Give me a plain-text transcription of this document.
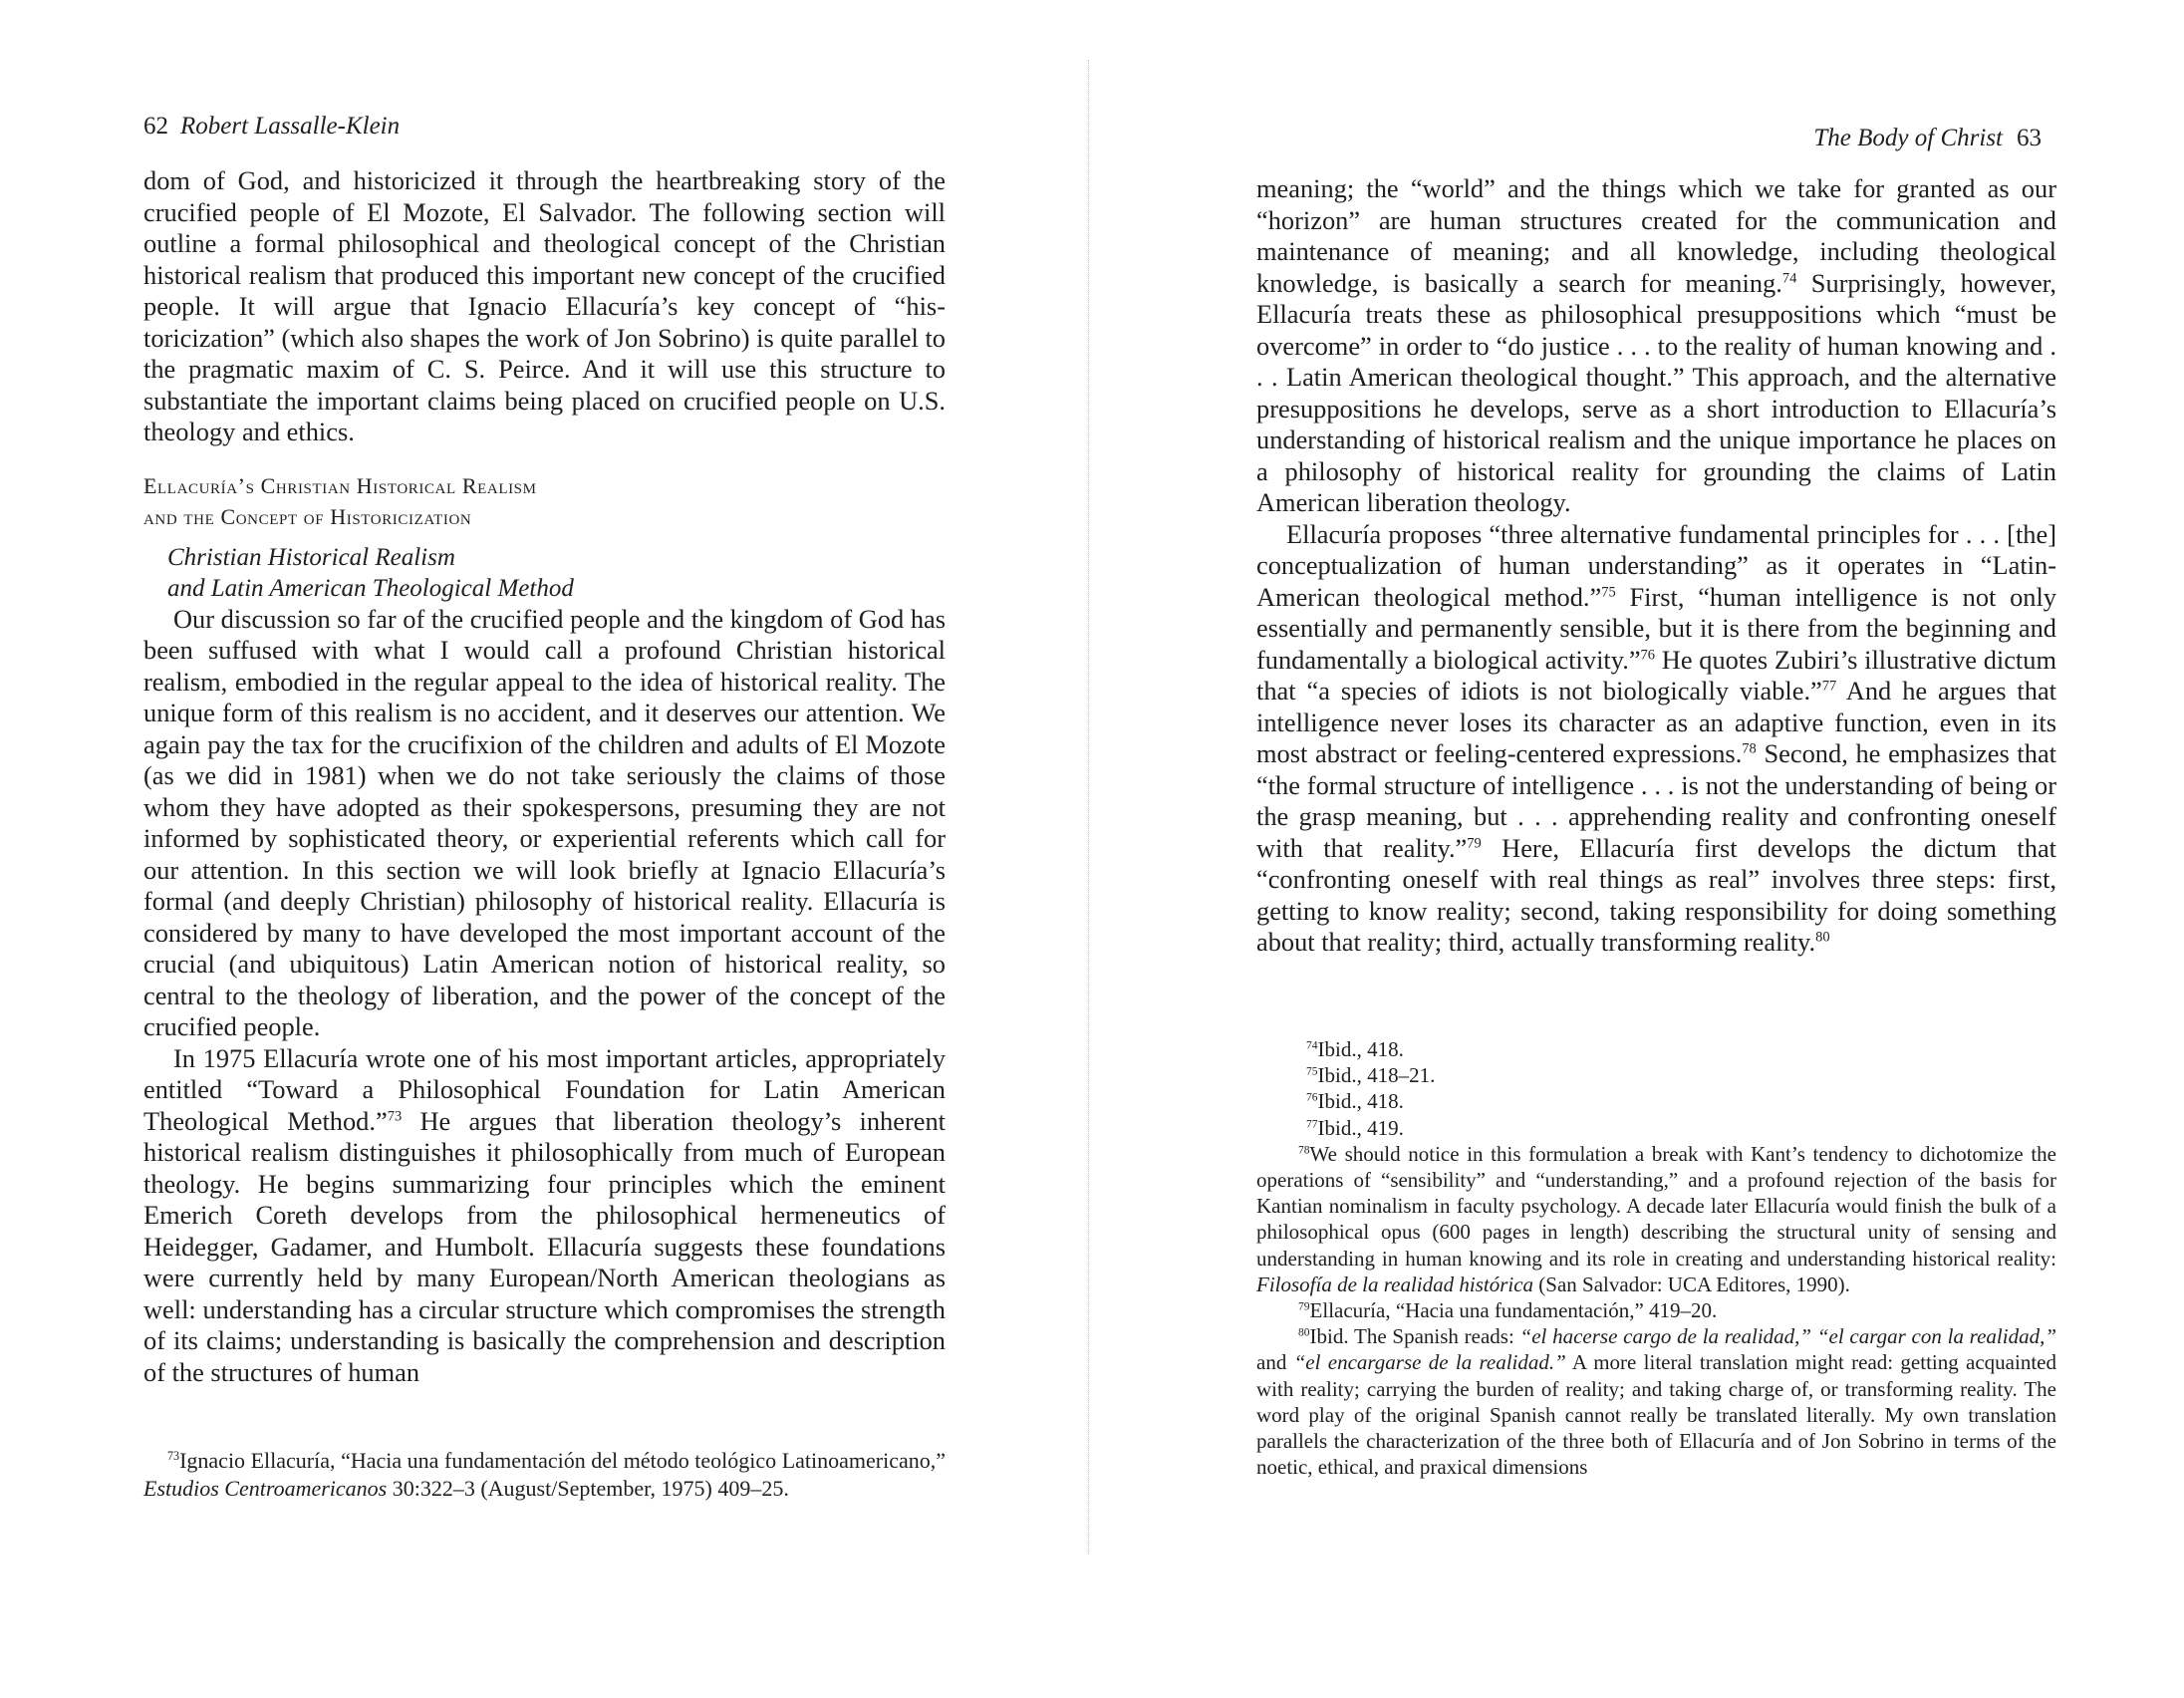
62 Robert Lassalle-Klein

dom of God, and historicized it through the heartbreaking story of the crucified people of El Mozote, El Salvador. The following section will outline a formal philosophical and theological concept of the Christian historical realism that produced this important new concept of the crucified people. It will argue that Ignacio Ellacuría’s key concept of “historicization” (which also shapes the work of Jon Sobrino) is quite parallel to the pragmatic maxim of C. S. Peirce. And it will use this structure to substantiate the important claims being placed on crucified people on U.S. theology and ethics.

Ellacuría’s Christian Historical Realism
and the Concept of Historicization
Christian Historical Realism
and Latin American Theological Method

Our discussion so far of the crucified people and the kingdom of God has been suffused with what I would call a profound Christian historical realism, embodied in the regular appeal to the idea of historical reality. The unique form of this realism is no accident, and it deserves our attention. We again pay the tax for the crucifixion of the children and adults of El Mozote (as we did in 1981) when we do not take seriously the claims of those whom they have adopted as their spokespersons, presuming they are not informed by sophisticated theory, or experiential referents which call for our attention. In this section we will look briefly at Ignacio Ellacuría’s formal (and deeply Christian) philosophy of historical reality. Ellacuría is considered by many to have developed the most important account of the crucial (and ubiquitous) Latin American notion of historical reality, so central to the theology of liberation, and the power of the concept of the crucified people.

In 1975 Ellacuría wrote one of his most important articles, appropriately entitled “Toward a Philosophical Foundation for Latin American Theological Method.”$^{73}$ He argues that liberation theology’s inherent historical realism distinguishes it philosophically from much of European theology. He begins summarizing four principles which the eminent Emerich Coreth develops from the philosophical hermeneutics of Heidegger, Gadamer, and Humbolt. Ellacuría suggests these foundations were currently held by many European/North American theologians as well: understanding has a circular structure which compromises the strength of its claims; understanding is basically the comprehension and description of the structures of human

$^{73}$Ignacio Ellacuría, “Hacia una fundamentación del método teológico Latinoamericano,” Estudios Centroamericanos 30:322–3 (August/September, 1975) 409–25.

The Body of Christ 63

meaning; the “world” and the things which we take for granted as our “horizon” are human structures created for the communication and maintenance of meaning; and all knowledge, including theological knowledge, is basically a search for meaning.$^{74}$ Surprisingly, however, Ellacuría treats these as philosophical presuppositions which “must be overcome” in order to “do justice . . . to the reality of human knowing and . . . Latin American theological thought.” This approach, and the alternative presuppositions he develops, serve as a short introduction to Ellacuría’s understanding of historical realism and the unique importance he places on a philosophy of historical reality for grounding the claims of Latin American liberation theology.

Ellacuría proposes “three alternative fundamental principles for . . . [the] conceptualization of human understanding” as it operates in “Latin-American theological method.”$^{75}$ First, “human intelligence is not only essentially and permanently sensible, but it is there from the beginning and fundamentally a biological activity.”$^{76}$ He quotes Zubiri’s illustrative dictum that “a species of idiots is not biologically viable.”$^{77}$ And he argues that intelligence never loses its character as an adaptive function, even in its most abstract or feeling-centered expressions.$^{78}$ Second, he emphasizes that “the formal structure of intelligence . . . is not the understanding of being or the grasp meaning, but . . . apprehending reality and confronting oneself with that reality.”$^{79}$ Here, Ellacuría first develops the dictum that “confronting oneself with real things as real” involves three steps: first, getting to know reality; second, taking responsibility for doing something about that reality; third, actually transforming reality.$^{80}$

$^{74}$Ibid., 418.

$^{75}$Ibid., 418–21.

$^{76}$Ibid., 418.

$^{77}$Ibid., 419.

$^{78}$We should notice in this formulation a break with Kant’s tendency to dichotomize the operations of “sensibility” and “understanding,” and a profound rejection of the basis for Kantian nominalism in faculty psychology. A decade later Ellacuría would finish the bulk of a philosophical opus (600 pages in length) describing the structural unity of sensing and understanding in human knowing and its role in creating and understanding historical reality: Filosofía de la realidad histórica (San Salvador: UCA Editores, 1990).

$^{79}$Ellacuría, “Hacia una fundamentación,” 419–20.

$^{80}$Ibid. The Spanish reads: “el hacerse cargo de la realidad,” “el cargar con la realidad,” and “el encargarse de la realidad.” A more literal translation might read: getting acquainted with reality; carrying the burden of reality; and taking charge of, or transforming reality. The word play of the original Spanish cannot really be translated literally. My own translation parallels the characterization of the three both of Ellacuría and of Jon Sobrino in terms of the noetic, ethical, and praxical dimensions
